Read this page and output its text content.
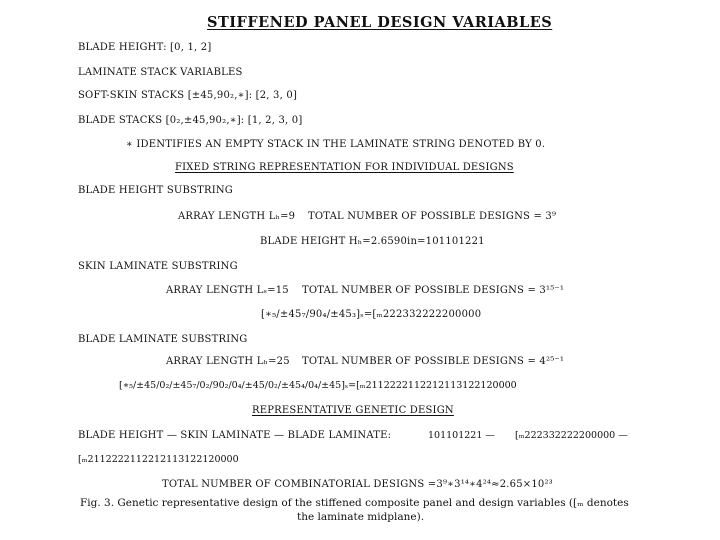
STIFFENED PANEL DESIGN VARIABLES
BLADE HEIGHT: [0, 1, 2]
LAMINATE STACK VARIABLES
SOFT-SKIN STACKS [±45,90₂,∗]: [2, 3, 0]
BLADE STACKS [0₂,±45,90₂,∗]: [1, 2, 3, 0]
∗ IDENTIFIES AN EMPTY STACK IN THE LAMINATE STRING DENOTED BY 0.
FIXED STRING REPRESENTATION FOR INDIVIDUAL DESIGNS
BLADE HEIGHT SUBSTRING
ARRAY LENGTH Lₕ=9 TOTAL NUMBER OF POSSIBLE DESIGNS = 3⁹
BLADE HEIGHT Hₕ=2.6590in=101101221
SKIN LAMINATE SUBSTRING
ARRAY LENGTH Lₛ=15 TOTAL NUMBER OF POSSIBLE DESIGNS = 3¹⁵⁻¹
[∗₅/±45₇/90₄/±45₃]ₛ=[ₘ222332222200000
BLADE LAMINATE SUBSTRING
ARRAY LENGTH Lₕ=25 TOTAL NUMBER OF POSSIBLE DESIGNS = 4²⁵⁻¹
[∗₅/±45/0₂/±45₇/0₂/90₂/0₄/±45/0₂/±45₄/0₄/±45]ₛ=[ₘ2112222112212113122120000
REPRESENTATIVE GENETIC DESIGN
BLADE HEIGHT — SKIN LAMINATE — BLADE LAMINATE:	101101221 — [ₘ222332222200000 —
[ₘ2112222112212113122120000
TOTAL NUMBER OF COMBINATORIAL DESIGNS =3⁹∗3¹⁴∗4²⁴≈2.65×10²³
Fig. 3. Genetic representative design of the stiffened composite panel and design variables ([ₘ denotes
the laminate midplane).
